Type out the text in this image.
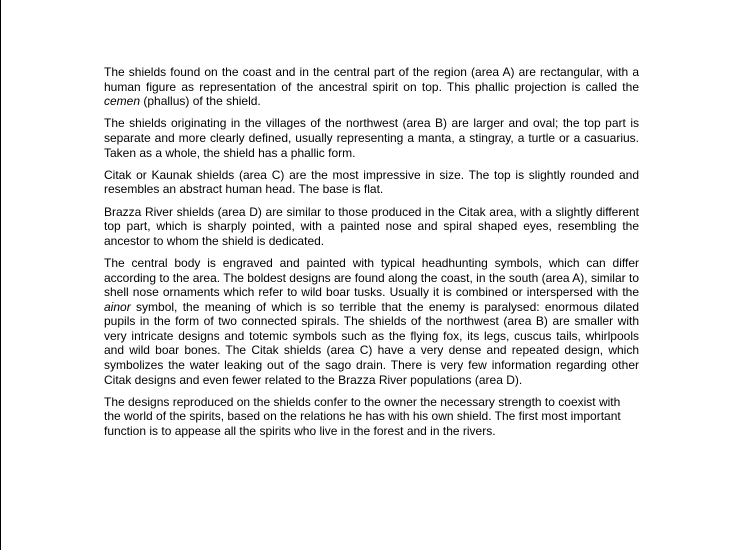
The shields found on the coast and in the central part of the region (area A) are rectangular, with a human figure as representation of the ancestral spirit on top. This phallic projection is called the cemen (phallus) of the shield.

The shields originating in the villages of the northwest (area B) are larger and oval; the top part is separate and more clearly defined, usually representing a manta, a stingray, a turtle or a casuarius. Taken as a whole, the shield has a phallic form.

Citak or Kaunak shields (area C) are the most impressive in size. The top is slightly rounded and resembles an abstract human head. The base is flat.

Brazza River shields (area D) are similar to those produced in the Citak area, with a slightly different top part, which is sharply pointed, with a painted nose and spiral shaped eyes, resembling the ancestor to whom the shield is dedicated.

The central body is engraved and painted with typical headhunting symbols, which can differ according to the area. The boldest designs are found along the coast, in the south (area A), similar to shell nose ornaments which refer to wild boar tusks. Usually it is combined or interspersed with the ainor symbol, the meaning of which is so terrible that the enemy is paralysed: enormous dilated pupils in the form of two connected spirals. The shields of the northwest (area B) are smaller with very intricate designs and totemic symbols such as the flying fox, its legs, cuscus tails, whirlpools and wild boar bones. The Citak shields (area C) have a very dense and repeated design, which symbolizes the water leaking out of the sago drain. There is very few information regarding other Citak designs and even fewer related to the Brazza River populations (area D).

The designs reproduced on the shields confer to the owner the necessary strength to coexist with the world of the spirits, based on the relations he has with his own shield. The first most important function is to appease all the spirits who live in the forest and in the rivers.
